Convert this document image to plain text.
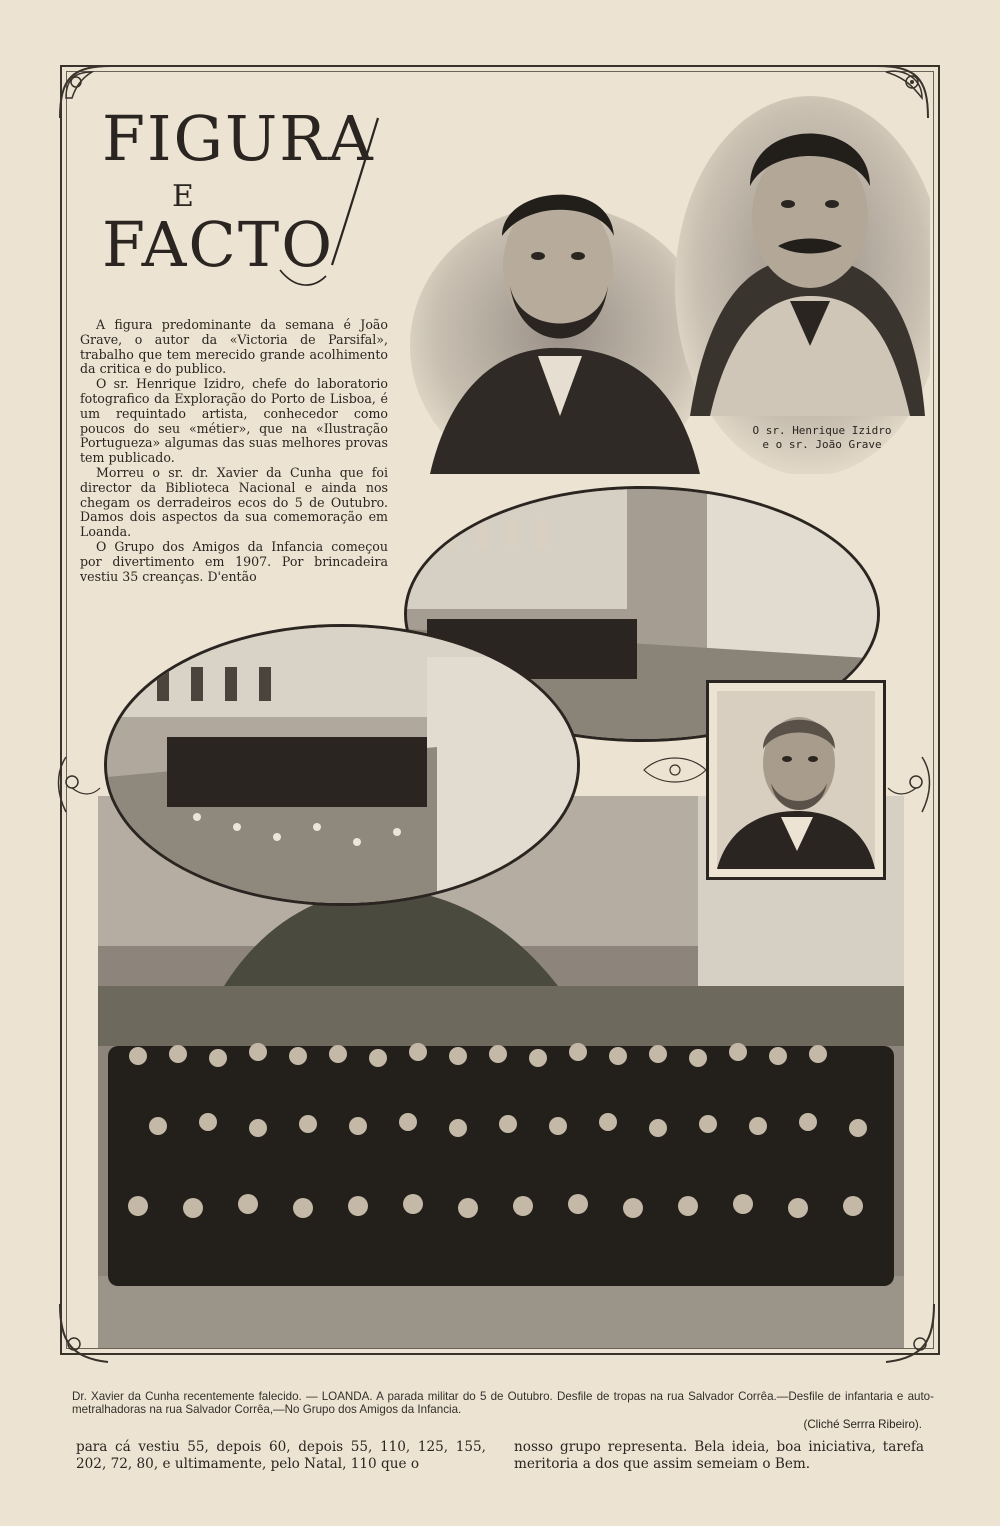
FIGURA
E
FACTO

A figura predominante da semana é João Grave, o autor da «Victoria de Parsifal», trabalho que tem merecido grande acolhimento da critica e do publico.

O sr. Henrique Izidro, chefe do laboratorio fotografico da Exploração do Porto de Lisboa, é um requintado artista, conhecedor como poucos do seu «métier», que na «Ilustração Portugueza» algumas das suas melhores provas tem publicado.

Morreu o sr. dr. Xavier da Cunha que foi director da Biblioteca Nacional e ainda nos chegam os derradeiros ecos do 5 de Outubro. Damos dois aspectos da sua comemoração em Loanda.

O Grupo dos Amigos da Infancia começou por divertimento em 1907. Por brincadeira vestiu 35 creanças. D'então

O sr. Henrique Izidro
e o sr. João Grave
Dr. Xavier da Cunha recentemente falecido. — LOANDA. A parada militar do 5 de Outubro. Desfile de tropas na rua Salvador Corrêa.—Desfile de infantaria e auto-metralhadoras na rua Salvador Corrêa,—No Grupo dos Amigos da Infancia.
(Cliché Serrra Ribeiro).

para cá vestiu 55, depois 60, depois 55, 110, 125, 155, 202, 72, 80, e ultimamente, pelo Natal, 110 que o

nosso grupo representa. Bela ideia, boa iniciativa, tarefa meritoria a dos que assim semeiam o Bem.
